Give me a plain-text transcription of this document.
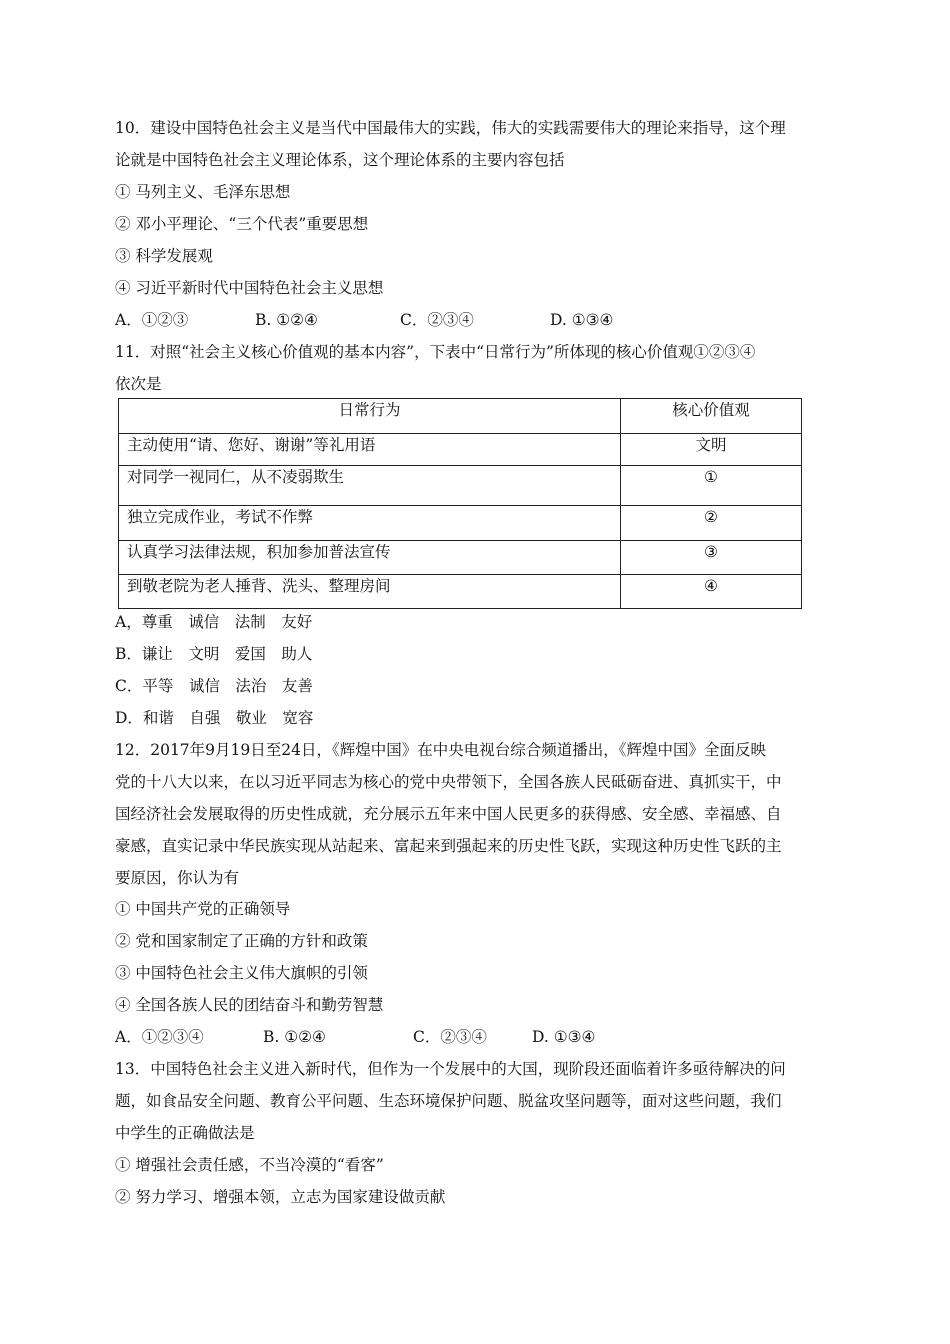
10．建设中国特色社会主义是当代中国最伟大的实践，伟大的实践需要伟大的理论来指导，这个理
论就是中国特色社会主义理论体系，这个理论体系的主要内容包括
① 马列主义、毛泽东思想
② 邓小平理论、“三个代表”重要思想
③ 科学发展观
④ 习近平新时代中国特色社会主义思想
A．①②③	B. ①②④	C．②③④	D. ①③④
11．对照“社会主义核心价值观的基本内容”，下表中“日常行为”所体现的核心价值观①②③④
依次是
日常行为	核心价值观
主动使用“请、您好、谢谢”等礼用语	文明
对同学一视同仁，从不凌弱欺生	①
独立完成作业，考试不作弊	②
认真学习法律法规，积加参加普法宣传	③
到敬老院为老人捶背、洗头、整理房间	④
A，尊重　诚信　法制　友好
B．谦让　文明　爱国　助人
C．平等　诚信　法治　友善
D．和谐　自强　敬业　宽容
12．2017年9月19日至24日，《辉煌中国》在中央电视台综合频道播出，《辉煌中国》全面反映
党的十八大以来，在以习近平同志为核心的党中央带领下，全国各族人民砥砺奋进、真抓实干，中
国经济社会发展取得的历史性成就，充分展示五年来中国人民更多的获得感、安全感、幸福感、自
豪感，直实记录中华民族实现从站起来、富起来到强起来的历史性飞跃，实现这种历史性飞跃的主
要原因，你认为有
① 中国共产党的正确领导
② 党和国家制定了正确的方针和政策
③ 中国特色社会主义伟大旗帜的引领
④ 全国各族人民的团结奋斗和勤劳智慧
A．①②③④	B. ①②④	C．②③④	D. ①③④
13．中国特色社会主义进入新时代，但作为一个发展中的大国，现阶段还面临着许多亟待解决的问
题，如食品安全问题、教育公平问题、生态环境保护问题、脱盆攻坚问题等，面对这些问题，我们
中学生的正确做法是
① 增强社会责任感，不当冷漠的“看客”
② 努力学习、增强本领，立志为国家建设做贡献
